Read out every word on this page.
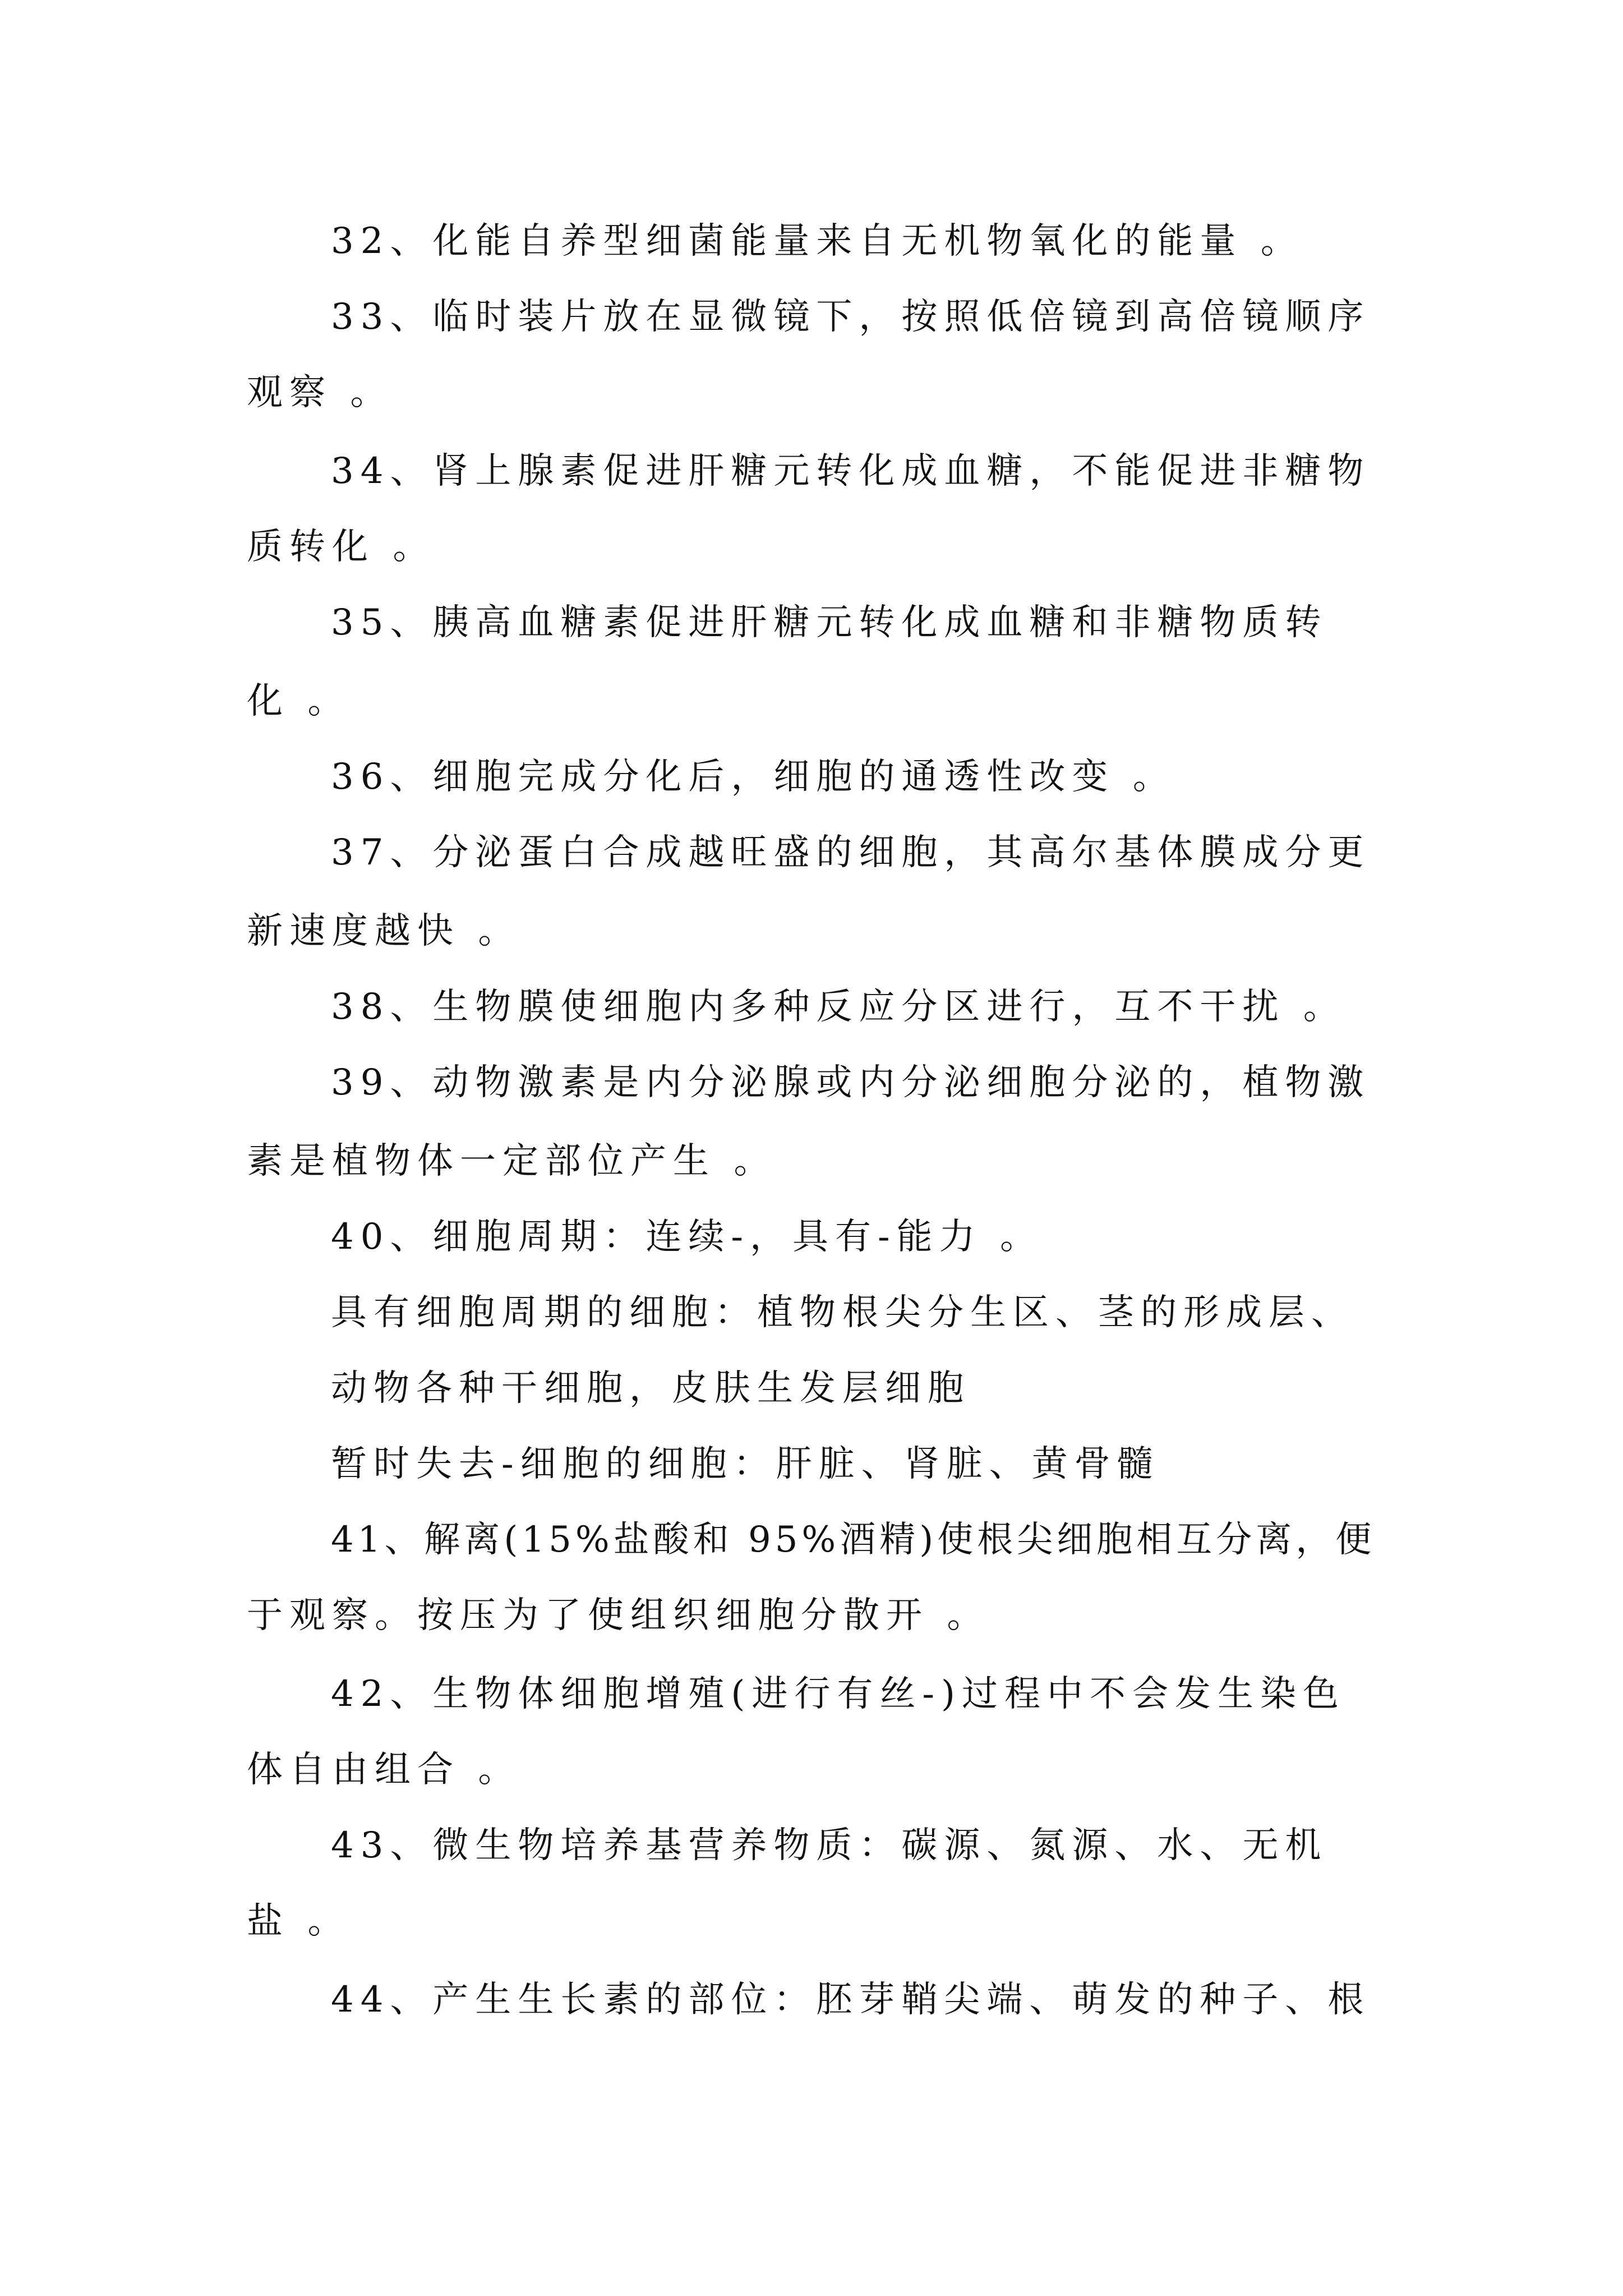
32、化能自养型细菌能量来自无机物氧化的能量 。
33、临时装片放在显微镜下，按照低倍镜到高倍镜顺序
观察 。
34、肾上腺素促进肝糖元转化成血糖，不能促进非糖物
质转化 。
35、胰高血糖素促进肝糖元转化成血糖和非糖物质转
化 。
36、细胞完成分化后，细胞的通透性改变 。
37、分泌蛋白合成越旺盛的细胞，其高尔基体膜成分更
新速度越快 。
38、生物膜使细胞内多种反应分区进行，互不干扰 。
39、动物激素是内分泌腺或内分泌细胞分泌的，植物激
素是植物体一定部位产生 。
40、细胞周期：连续-，具有-能力 。
具有细胞周期的细胞：植物根尖分生区、茎的形成层、
动物各种干细胞，皮肤生发层细胞
暂时失去-细胞的细胞：肝脏、肾脏、黄骨髓
41、解离(15%盐酸和 95%酒精)使根尖细胞相互分离，便
于观察。按压为了使组织细胞分散开 。
42、生物体细胞增殖(进行有丝-)过程中不会发生染色
体自由组合 。
43、微生物培养基营养物质：碳源、氮源、水、无机
盐 。
44、产生生长素的部位：胚芽鞘尖端、萌发的种子、根
